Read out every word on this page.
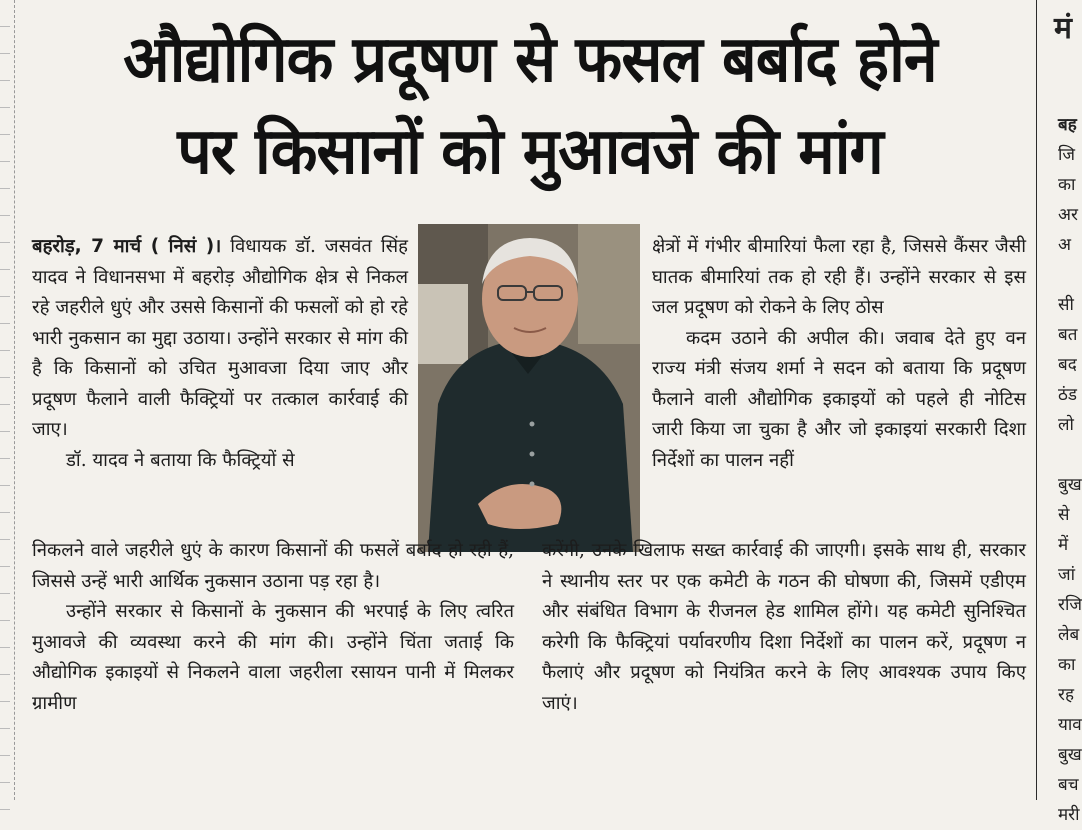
औद्योगिक प्रदूषण से फसल बर्बाद होने
पर किसानों को मुआवजे की मांग

बहरोड़, 7 मार्च ( निसं )। विधायक डॉ. जसवंत सिंह यादव ने विधानसभा में बहरोड़ औद्योगिक क्षेत्र से निकल रहे जहरीले धुएं और उससे किसानों की फसलों को हो रहे भारी नुकसान का मुद्दा उठाया। उन्होंने सरकार से मांग की है कि किसानों को उचित मुआवजा दिया जाए और प्रदूषण फैलाने वाली फैक्ट्रियों पर तत्काल कार्रवाई की जाए।

डॉ. यादव ने बताया कि फैक्ट्रियों से

क्षेत्रों में गंभीर बीमारियां फैला रहा है, जिससे कैंसर जैसी घातक बीमारियां तक हो रही हैं। उन्होंने सरकार से इस जल प्रदूषण को रोकने के लिए ठोस

कदम उठाने की अपील की। जवाब देते हुए वन राज्य मंत्री संजय शर्मा ने सदन को बताया कि प्रदूषण फैलाने वाली औद्योगिक इकाइयों को पहले ही नोटिस जारी किया जा चुका है और जो इकाइयां सरकारी दिशा निर्देशों का पालन नहीं

निकलने वाले जहरीले धुएं के कारण किसानों की फसलें बर्बाद हो रही हैं, जिससे उन्हें भारी आर्थिक नुकसान उठाना पड़ रहा है।

उन्होंने सरकार से किसानों के नुकसान की भरपाई के लिए त्वरित मुआवजे की व्यवस्था करने की मांग की। उन्होंने चिंता जताई कि औद्योगिक इकाइयों से निकलने वाला जहरीला रसायन पानी में मिलकर ग्रामीण

करेंगी, उनके खिलाफ सख्त कार्रवाई की जाएगी। इसके साथ ही, सरकार ने स्थानीय स्तर पर एक कमेटी के गठन की घोषणा की, जिसमें एडीएम और संबंधित विभाग के रीजनल हेड शामिल होंगे। यह कमेटी सुनिश्चित करेगी कि फैक्ट्रियां पर्यावरणीय दिशा निर्देशों का पालन करें, प्रदूषण न फैलाएं और प्रदूषण को नियंत्रित करने के लिए आवश्यक उपाय किए जाएं।

मं
बह
जि
का
अर
अ
सी
बत
बद
ठंड
लो
बुख
से
में
जां
रजि
लेब
का
रह
याव
बुख
बच
मरी
